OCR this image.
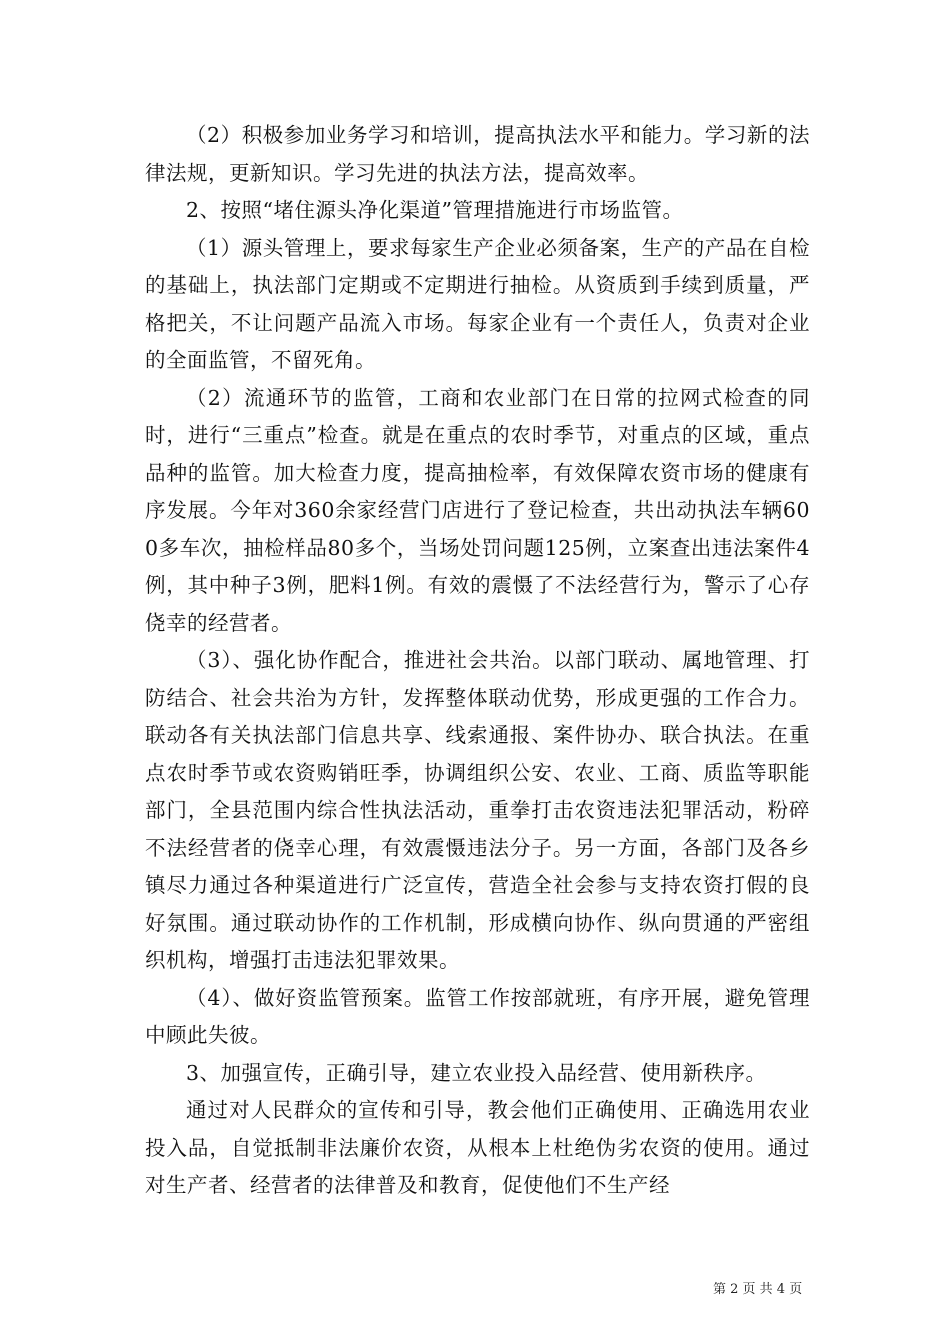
（2）积极参加业务学习和培训，提高执法水平和能力。学习新的法律法规，更新知识。学习先进的执法方法，提高效率。

2、按照“堵住源头净化渠道”管理措施进行市场监管。

（1）源头管理上，要求每家生产企业必须备案，生产的产品在自检的基础上，执法部门定期或不定期进行抽检。从资质到手续到质量，严格把关，不让问题产品流入市场。每家企业有一个责任人，负责对企业的全面监管，不留死角。

（2）流通环节的监管，工商和农业部门在日常的拉网式检查的同时，进行“三重点”检查。就是在重点的农时季节，对重点的区域，重点品种的监管。加大检查力度，提高抽检率，有效保障农资市场的健康有序发展。今年对360余家经营门店进行了登记检查，共出动执法车辆600多车次，抽检样品80多个，当场处罚问题125例，立案查出违法案件4例，其中种子3例，肥料1例。有效的震慑了不法经营行为，警示了心存侥幸的经营者。

（3）、强化协作配合，推进社会共治。以部门联动、属地管理、打防结合、社会共治为方针，发挥整体联动优势，形成更强的工作合力。联动各有关执法部门信息共享、线索通报、案件协办、联合执法。在重点农时季节或农资购销旺季，协调组织公安、农业、工商、质监等职能部门，全县范围内综合性执法活动，重拳打击农资违法犯罪活动，粉碎不法经营者的侥幸心理，有效震慑违法分子。另一方面，各部门及各乡镇尽力通过各种渠道进行广泛宣传，营造全社会参与支持农资打假的良好氛围。通过联动协作的工作机制，形成横向协作、纵向贯通的严密组织机构，增强打击违法犯罪效果。

（4）、做好资监管预案。监管工作按部就班，有序开展，避免管理中顾此失彼。

3、加强宣传，正确引导，建立农业投入品经营、使用新秩序。

通过对人民群众的宣传和引导，教会他们正确使用、正确选用农业投入品，自觉抵制非法廉价农资，从根本上杜绝伪劣农资的使用。通过对生产者、经营者的法律普及和教育，促使他们不生产经

第 2 页 共 4 页
